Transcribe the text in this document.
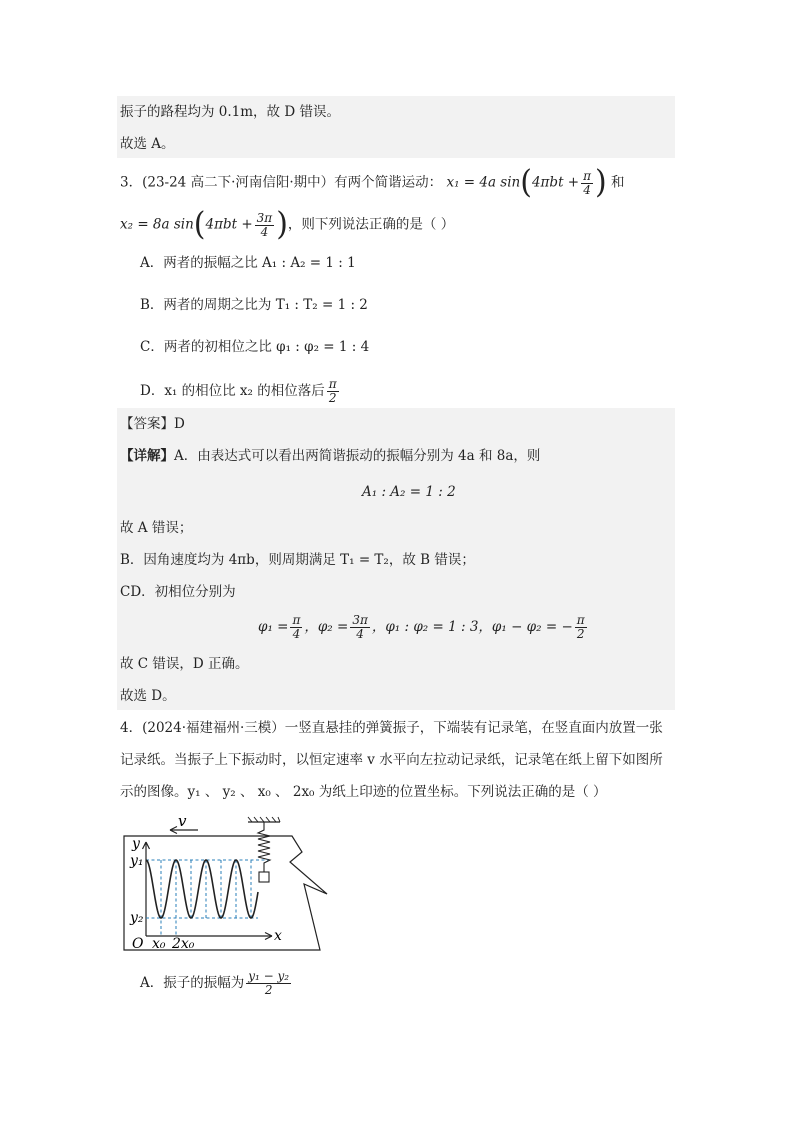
振子的路程均为 0.1m，故 D 错误。
故选 A。
3．(23-24 高二下·河南信阳·期中）有两个简谐运动： x₁ = 4a $\sin(4\pi bt + \frac{\pi}{4}$ ) 和
x₂ = 8a $\sin(4\pi bt + \frac{3\pi}{4}$ )，则下列说法正确的是（ ）
A．两者的振幅之比 A₁ : A₂ = 1 : 1
B．两者的周期之比为 T₁ : T₂ = 1 : 2
C．两者的初相位之比 φ₁ : φ₂ = 1 : 4
D．x₁ 的相位比 x₂ 的相位落后 $\frac{\pi}{2}$
【答案】D
【详解】A．由表达式可以看出两简谐振动的振幅分别为 4a 和 8a，则
A₁ : A₂ = 1 : 2
故 A 错误；
B．因角速度均为 4πb，则周期满足 T₁ = T₂，故 B 错误；
CD．初相位分别为
$\varphi_1 = \frac{\pi}{4}$ ，$\varphi_2 = \frac{3\pi}{4}$ ，φ₁ : φ₂ = 1 : 3，φ₁ − φ₂ = − $\frac{\pi}{2}$
故 C 错误，D 正确。
故选 D。
4．(2024·福建福州·三模）一竖直悬挂的弹簧振子，下端装有记录笔，在竖直面内放置一张
记录纸。当振子上下振动时，以恒定速率 v 水平向左拉动记录纸，记录笔在纸上留下如图所
示的图像。y₁ 、 y₂ 、 x₀ 、 2x₀ 为纸上印迹的位置坐标。下列说法正确的是（ ）
v
y
y₁
y₂
O	x
x₀ 2x₀
A．振子的振幅为 $\frac{\text{y₁ − y₂}}{2}$
